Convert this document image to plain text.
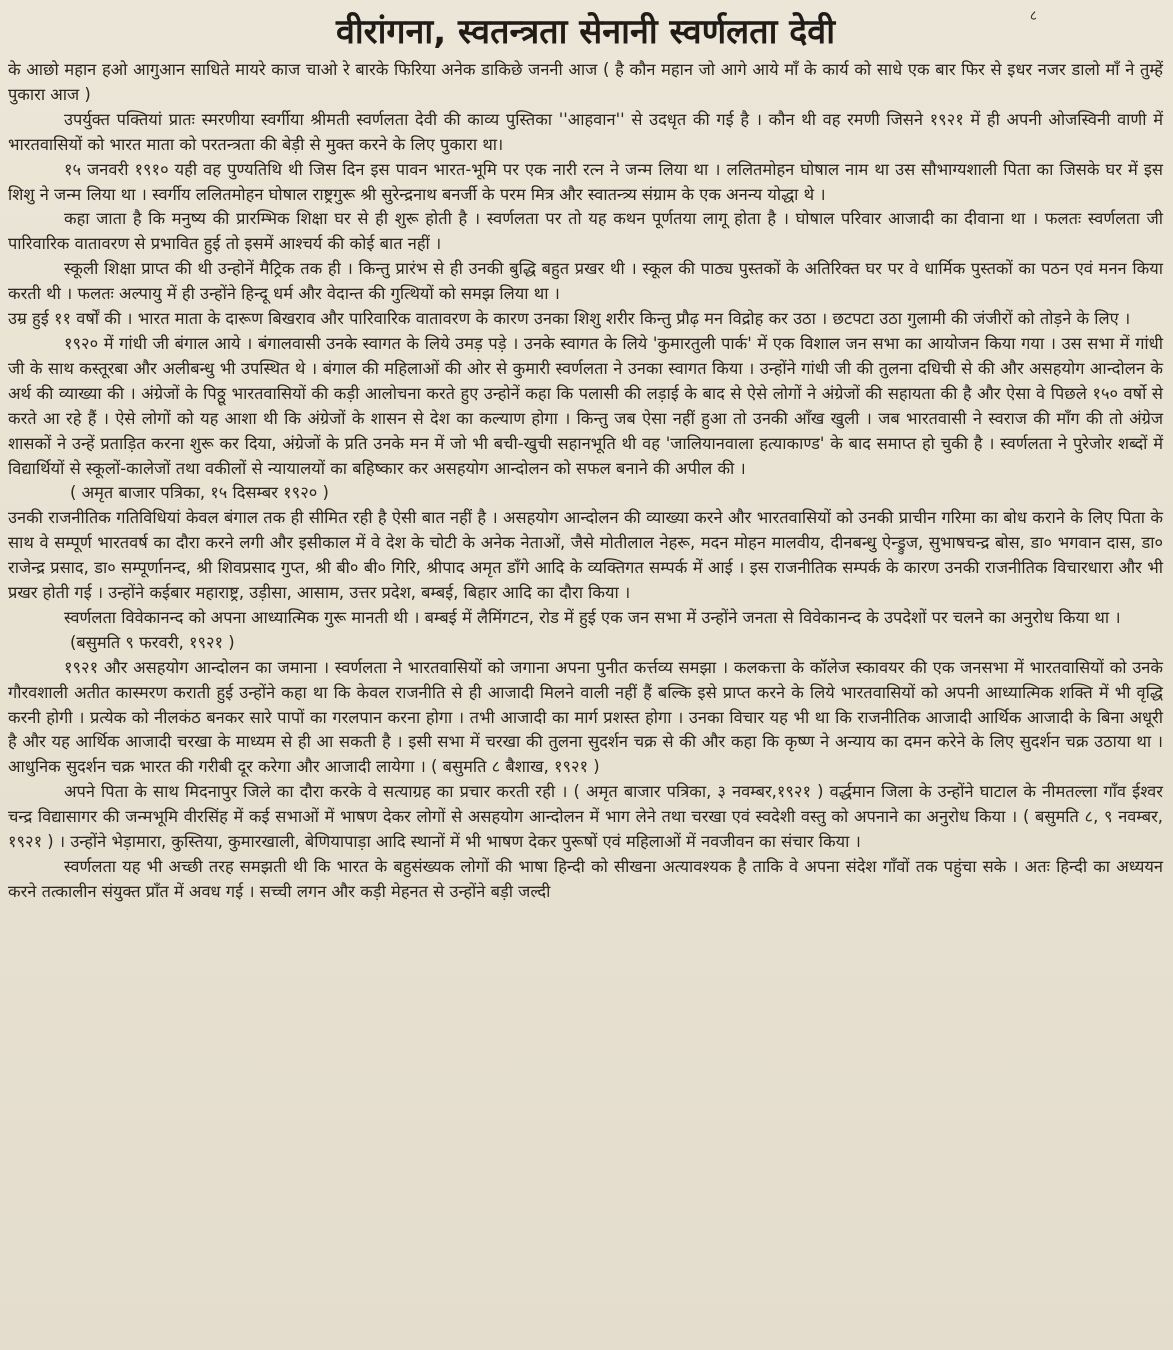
८
वीरांगना, स्वतन्त्रता सेनानी स्वर्णलता देवी

के आछो महान हओ आगुआन साधिते मायरे काज चाओ रे बारके फिरिया अनेक डाकिछे जननी आज ( है कौन महान जो आगे आये माँ के कार्य को साधे एक बार फिर से इधर नजर डालो माँ ने तुम्हें पुकारा आज )

उपर्युक्त पक्तियां प्रातः स्मरणीया स्वर्गीया श्रीमती स्वर्णलता देवी की काव्य पुस्तिका ''आहवान'' से उदधृत की गई है । कौन थी वह रमणी जिसने १९२१ में ही अपनी ओजस्विनी वाणी में भारतवासियों को भारत माता को परतन्त्रता की बेड़ी से मुक्त करने के लिए पुकारा था।

१५ जनवरी १९१० यही वह पुण्यतिथि थी जिस दिन इस पावन भारत-भूमि पर एक नारी रत्न ने जन्म लिया था । ललितमोहन घोषाल नाम था उस सौभाग्यशाली पिता का जिसके घर में इस शिशु ने जन्म लिया था । स्वर्गीय ललितमोहन घोषाल राष्ट्रगुरू श्री सुरेन्द्रनाथ बनर्जी के परम मित्र और स्वातन्त्र्य संग्राम के एक अनन्य योद्धा थे ।

कहा जाता है कि मनुष्य की प्रारम्भिक शिक्षा घर से ही शुरू होती है । स्वर्णलता पर तो यह कथन पूर्णतया लागू होता है । घोषाल परिवार आजादी का दीवाना था । फलतः स्वर्णलता जी पारिवारिक वातावरण से प्रभावित हुई तो इसमें आश्चर्य की कोई बात नहीं ।

स्कूली शिक्षा प्राप्त की थी उन्होनें मैट्रिक तक ही । किन्तु प्रारंभ से ही उनकी बुद्धि बहुत प्रखर थी । स्कूल की पाठ्य पुस्तकों के अतिरिक्त घर पर वे धार्मिक पुस्तकों का पठन एवं मनन किया करती थी । फलतः अल्पायु में ही उन्होंने हिन्दू धर्म और वेदान्त की गुत्थियों को समझ लिया था ।

उम्र हुई ११ वर्षों की । भारत माता के दारूण बिखराव और पारिवारिक वातावरण के कारण उनका शिशु शरीर किन्तु प्रौढ़ मन विद्रोह कर उठा । छटपटा उठा गुलामी की जंजीरों को तोड़ने के लिए ।

१९२० में गांधी जी बंगाल आये । बंगालवासी उनके स्वागत के लिये उमड़ पड़े । उनके स्वागत के लिये 'कुमारतुली पार्क' में एक विशाल जन सभा का आयोजन किया गया । उस सभा में गांधी जी के साथ कस्तूरबा और अलीबन्धु भी उपस्थित थे । बंगाल की महिलाओं की ओर से कुमारी स्वर्णलता ने उनका स्वागत किया । उन्होंने गांधी जी की तुलना दधिची से की और असहयोग आन्दोलन के अर्थ की व्याख्या की । अंग्रेजों के पिठ्ठू भारतवासियों की कड़ी आलोचना करते हुए उन्होनें कहा कि पलासी की लड़ाई के बाद से ऐसे लोगों ने अंग्रेजों की सहायता की है और ऐसा वे पिछले १५० वर्षो से करते आ रहे हैं । ऐसे लोगों को यह आशा थी कि अंग्रेजों के शासन से देश का कल्याण होगा । किन्तु जब ऐसा नहीं हुआ तो उनकी आँख खुली । जब भारतवासी ने स्वराज की माँग की तो अंग्रेज शासकों ने उन्हें प्रताड़ित करना शुरू कर दिया, अंग्रेजों के प्रति उनके मन में जो भी बची-खुची सहानभूति थी वह 'जालियानवाला हत्याकाण्ड' के बाद समाप्त हो चुकी है । स्वर्णलता ने पुरेजोर शब्दों में विद्यार्थियों से स्कूलों-कालेजों तथा वकीलों से न्यायालयों का बहिष्कार कर असहयोग आन्दोलन को सफल बनाने की अपील की ।

( अमृत बाजार पत्रिका, १५ दिसम्बर १९२० )

उनकी राजनीतिक गतिविधियां केवल बंगाल तक ही सीमित रही है ऐसी बात नहीं है । असहयोग आन्दोलन की व्याख्या करने और भारतवासियों को उनकी प्राचीन गरिमा का बोध कराने के लिए पिता के साथ वे सम्पूर्ण भारतवर्ष का दौरा करने लगी और इसीकाल में वे देश के चोटी के अनेक नेताओं, जैसे मोतीलाल नेहरू, मदन मोहन मालवीय, दीनबन्धु ऐन्ड्रुज, सुभाषचन्द्र बोस, डा० भगवान दास, डा० राजेन्द्र प्रसाद, डा० सम्पूर्णानन्द, श्री शिवप्रसाद गुप्त, श्री बी० बी० गिरि, श्रीपाद अमृत डाँगे आदि के व्यक्तिगत सम्पर्क में आई । इस राजनीतिक सम्पर्क के कारण उनकी राजनीतिक विचारधारा और भी प्रखर होती गई । उन्होंने कईबार महाराष्ट्र, उड़ीसा, आसाम, उत्तर प्रदेश, बम्बई, बिहार आदि का दौरा किया ।

स्वर्णलता विवेकानन्द को अपना आध्यात्मिक गुरू मानती थी । बम्बई में लैमिंगटन, रोड में हुई एक जन सभा में उन्होंने जनता से विवेकानन्द के उपदेशों पर चलने का अनुरोध किया था ।

(बसुमति ९ फरवरी, १९२१ )

१९२१ और असहयोग आन्दोलन का जमाना । स्वर्णलता ने भारतवासियों को जगाना अपना पुनीत कर्त्तव्य समझा । कलकत्ता के कॉलेज स्कावयर की एक जनसभा में भारतवासियों को उनके गौरवशाली अतीत कास्मरण कराती हुई उन्होंने कहा था कि केवल राजनीति से ही आजादी मिलने वाली नहीं हैं बल्कि इसे प्राप्त करने के लिये भारतवासियों को अपनी आध्यात्मिक शक्ति में भी वृद्धि करनी होगी । प्रत्येक को नीलकंठ बनकर सारे पापों का गरलपान करना होगा । तभी आजादी का मार्ग प्रशस्त होगा । उनका विचार यह भी था कि राजनीतिक आजादी आर्थिक आजादी के बिना अधूरी है और यह आर्थिक आजादी चरखा के माध्यम से ही आ सकती है । इसी सभा में चरखा की तुलना सुदर्शन चक्र से की और कहा कि कृष्ण ने अन्याय का दमन करेने के लिए सुदर्शन चक्र उठाया था । आधुनिक सुदर्शन चक्र भारत की गरीबी दूर करेगा और आजादी लायेगा । ( बसुमति ८ बैशाख, १९२१ )

अपने पिता के साथ मिदनापुर जिले का दौरा करके वे सत्याग्रह का प्रचार करती रही । ( अमृत बाजार पत्रिका, ३ नवम्बर,१९२१ ) वर्द्धमान जिला के उन्होंने घाटाल के नीमतल्ला गाँव ईश्वर चन्द्र विद्यासागर की जन्मभूमि वीरसिंह में कई सभाओं में भाषण देकर लोगों से असहयोग आन्दोलन में भाग लेने तथा चरखा एवं स्वदेशी वस्तु को अपनाने का अनुरोध किया । ( बसुमति ८, ९ नवम्बर, १९२१ ) । उन्होंने भेड़ामारा, कुस्तिया, कुमारखाली, बेणियापाड़ा आदि स्थानों में भी भाषण देकर पुरूषों एवं महिलाओं में नवजीवन का संचार किया ।

स्वर्णलता यह भी अच्छी तरह समझती थी कि भारत के बहुसंख्यक लोगों की भाषा हिन्दी को सीखना अत्यावश्यक है ताकि वे अपना संदेश गाँवों तक पहुंचा सके । अतः हिन्दी का अध्ययन करने तत्कालीन संयुक्त प्राँत में अवध गई । सच्ची लगन और कड़ी मेहनत से उन्होंने बड़ी जल्दी
